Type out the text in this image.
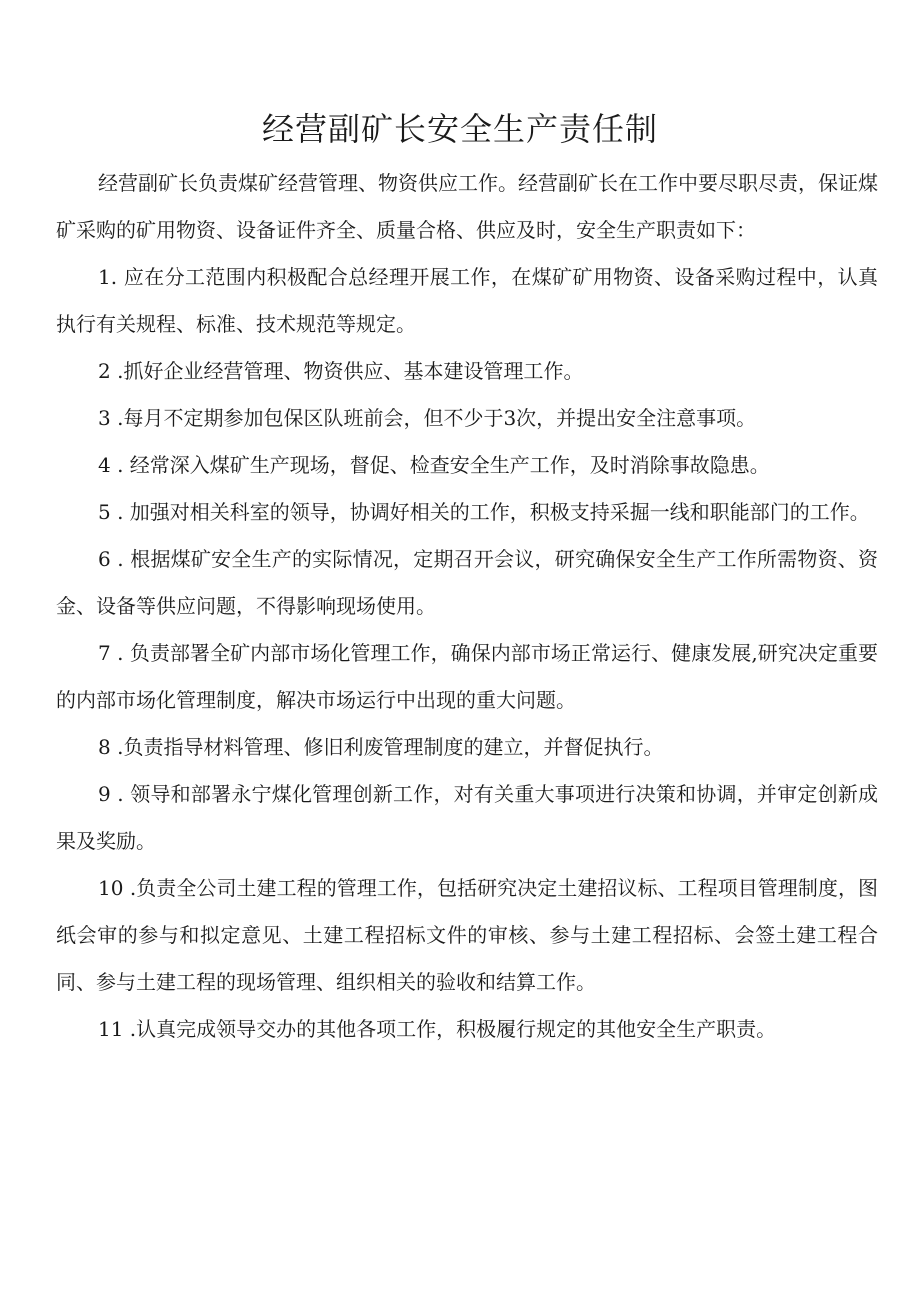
经营副矿长安全生产责任制

经营副矿长负责煤矿经营管理、物资供应工作。经营副矿长在工作中要尽职尽责，保证煤矿采购的矿用物资、设备证件齐全、质量合格、供应及时，安全生产职责如下：

1. 应在分工范围内积极配合总经理开展工作，在煤矿矿用物资、设备采购过程中，认真执行有关规程、标准、技术规范等规定。

2 .抓好企业经营管理、物资供应、基本建设管理工作。

3 .每月不定期参加包保区队班前会，但不少于3次，并提出安全注意事项。

4 . 经常深入煤矿生产现场，督促、检查安全生产工作，及时消除事故隐患。

5 . 加强对相关科室的领导，协调好相关的工作，积极支持采掘一线和职能部门的工作。

6 . 根据煤矿安全生产的实际情况，定期召开会议，研究确保安全生产工作所需物资、资金、设备等供应问题，不得影响现场使用。

7 . 负责部署全矿内部市场化管理工作，确保内部市场正常运行、健康发展,研究决定重要的内部市场化管理制度，解决市场运行中出现的重大问题。

8 .负责指导材料管理、修旧利废管理制度的建立，并督促执行。

9 . 领导和部署永宁煤化管理创新工作，对有关重大事项进行决策和协调，并审定创新成果及奖励。

10 .负责全公司土建工程的管理工作，包括研究决定土建招议标、工程项目管理制度，图纸会审的参与和拟定意见、土建工程招标文件的审核、参与土建工程招标、会签土建工程合同、参与土建工程的现场管理、组织相关的验收和结算工作。

11 .认真完成领导交办的其他各项工作，积极履行规定的其他安全生产职责。
